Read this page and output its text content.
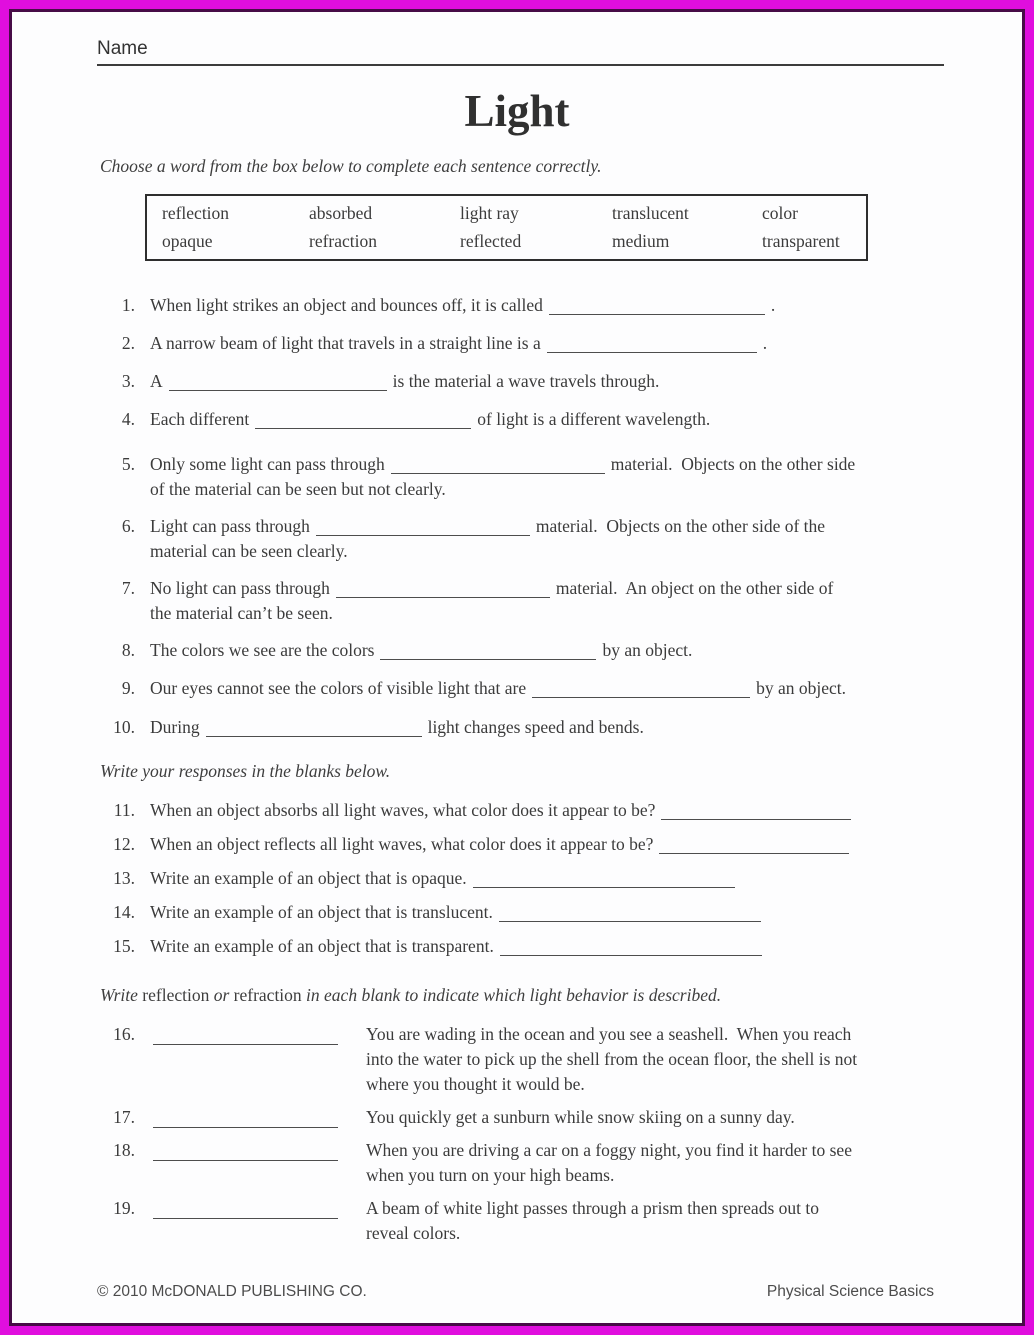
Name
Light

Choose a word from the box below to complete each sentence correctly.

reflection	absorbed	light ray	translucent	color
opaque	refraction	reflected	medium	transparent
1. When light strikes an object and bounces off, it is called	.
2. A narrow beam of light that travels in a straight line is a	.
3. A	is the material a wave travels through.
4. Each different	of light is a different wavelength.
5. Only some light can pass through	material.  Objects on the other side
of the material can be seen but not clearly.
6. Light can pass through	material.  Objects on the other side of the
material can be seen clearly.
7. No light can pass through	material.  An object on the other side of
the material can’t be seen.
8. The colors we see are the colors	by an object.
9. Our eyes cannot see the colors of visible light that are	by an object.
10. During	light changes speed and bends.

Write your responses in the blanks below.

11. When an object absorbs all light waves, what color does it appear to be?
12. When an object reflects all light waves, what color does it appear to be?
13. Write an example of an object that is opaque.
14. Write an example of an object that is translucent.
15. Write an example of an object that is transparent.

Write reflection or refraction in each blank to indicate which light behavior is described.

16.	You are wading in the ocean and you see a seashell.  When you reach
into the water to pick up the shell from the ocean floor, the shell is not
where you thought it would be.
17.	You quickly get a sunburn while snow skiing on a sunny day.
18.	When you are driving a car on a foggy night, you find it harder to see
when you turn on your high beams.
19.	A beam of white light passes through a prism then spreads out to
reveal colors.
© 2010 McDONALD PUBLISHING CO.	Physical Science Basics
